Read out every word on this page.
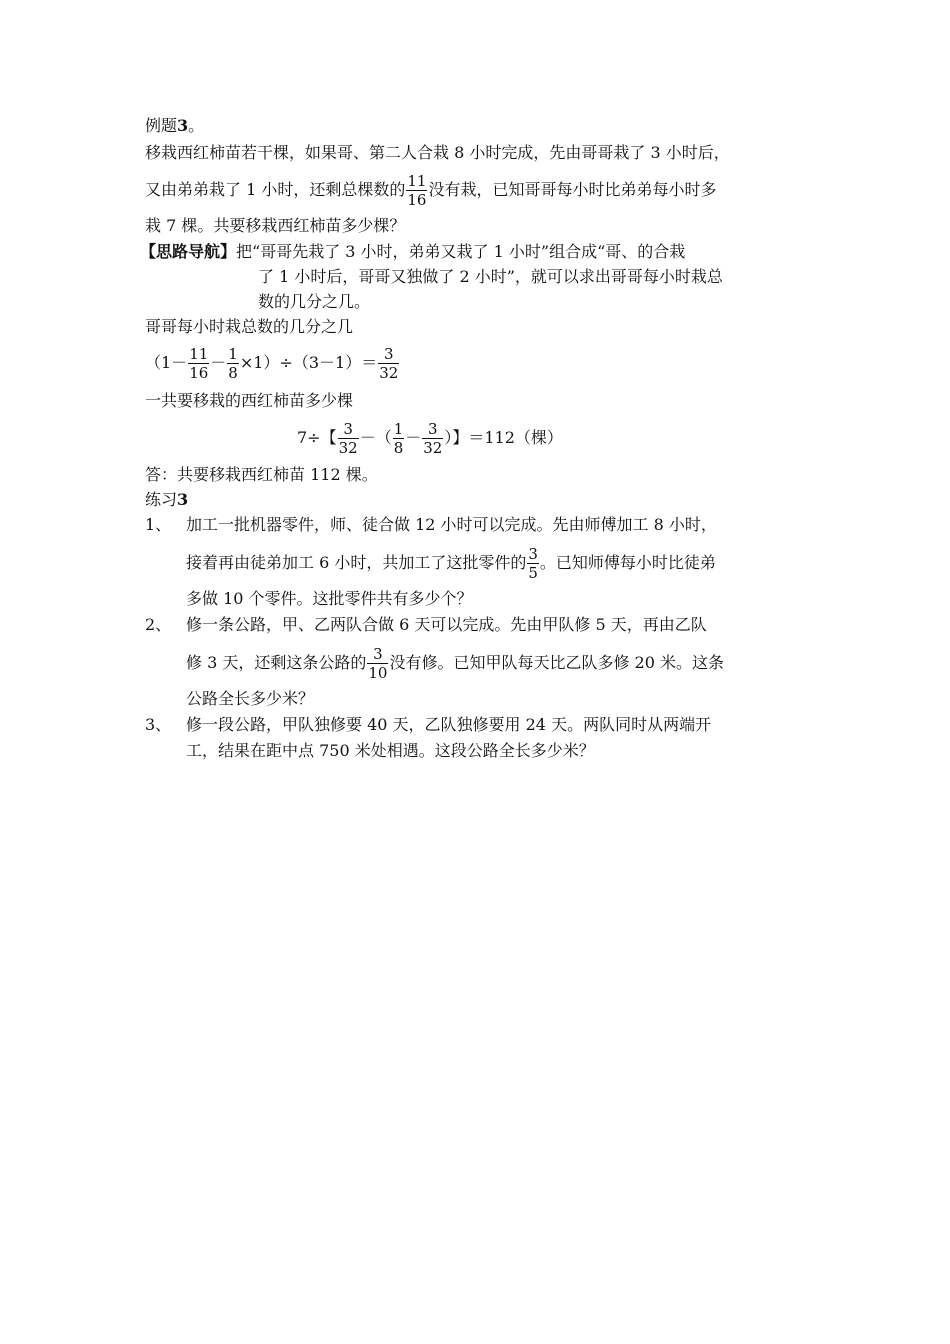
例题3。
移栽西红柿苗若干棵，如果哥、第二人合栽 8 小时完成，先由哥哥栽了 3 小时后，
又由弟弟栽了 1 小时，还剩总棵数的 $\frac{11}{16}$ 没有栽，已知哥哥每小时比弟弟每小时多
栽 7 棵。共要移栽西红柿苗多少棵？
【思路导航】把“哥哥先栽了 3 小时，弟弟又栽了 1 小时”组合成“哥、的合栽
了 1 小时后，哥哥又独做了 2 小时”，就可以求出哥哥每小时栽总
数的几分之几。
哥哥每小时栽总数的几分之几
$(1- \frac{11}{16} - \frac{1}{8} \times 1)\div(3-1)= \frac{3}{32}$
一共要移栽的西红柿苗多少棵
7÷【 $\frac{3}{32}$ －（ $\frac{1}{8} - \frac{3}{32}$ ）】＝112（棵）
答：共要移栽西红柿苗 112 棵。
练习3
1、 加工一批机器零件，师、徒合做 12 小时可以完成。先由师傅加工 8 小时，
接着再由徒弟加工 6 小时，共加工了这批零件的 $\frac{3}{5}$ 。已知师傅每小时比徒弟
多做 10 个零件。这批零件共有多少个？
2、 修一条公路，甲、乙两队合做 6 天可以完成。先由甲队修 5 天，再由乙队
修 3 天，还剩这条公路的 $\frac{3}{10}$ 没有修。已知甲队每天比乙队多修 20 米。这条
公路全长多少米？
3、 修一段公路，甲队独修要 40 天，乙队独修要用 24 天。两队同时从两端开
工，结果在距中点 750 米处相遇。这段公路全长多少米？
